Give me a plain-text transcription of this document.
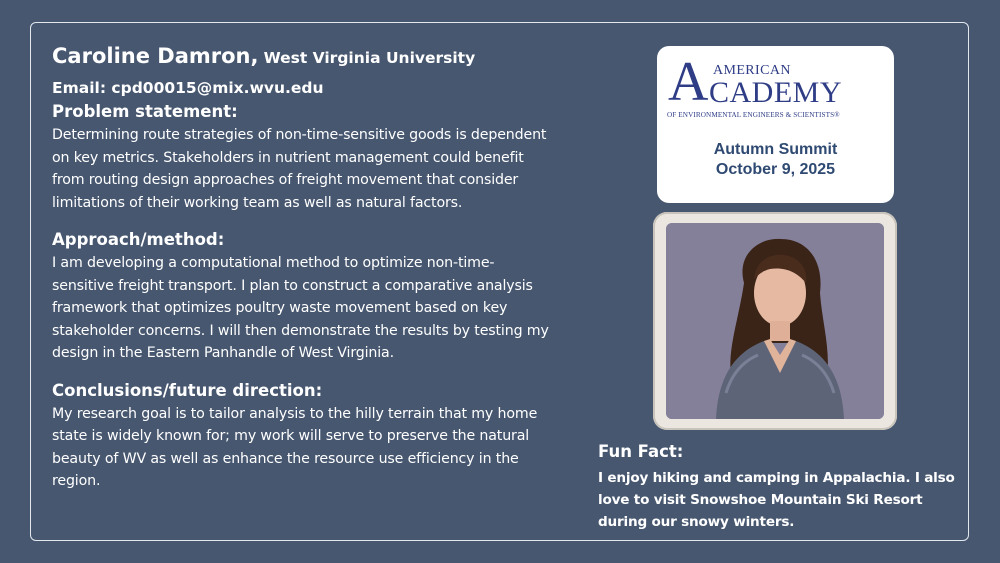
Caroline Damron, West Virginia University

Email: cpd00015@mix.wvu.edu

Problem statement:

Determining route strategies of non-time-sensitive goods is dependent

on key metrics. Stakeholders in nutrient management could benefit

from routing design approaches of freight movement that consider

limitations of their working team as well as natural factors.

Approach/method:

I am developing a computational method to optimize non-time-

sensitive freight transport. I plan to construct a comparative analysis

framework that optimizes poultry waste movement based on key

stakeholder concerns. I will then demonstrate the results by testing my

design in the Eastern Panhandle of West Virginia.

Conclusions/future direction:

My research goal is to tailor analysis to the hilly terrain that my home

state is widely known for; my work will serve to preserve the natural

beauty of WV as well as enhance the resource use efficiency in the

region.

A AMERICAN
CADEMY
OF ENVIRONMENTAL ENGINEERS & SCIENTISTS®
Autumn Summit
October 9, 2025

Fun Fact:

I enjoy hiking and camping in Appalachia. I also

love to visit Snowshoe Mountain Ski Resort

during our snowy winters.
